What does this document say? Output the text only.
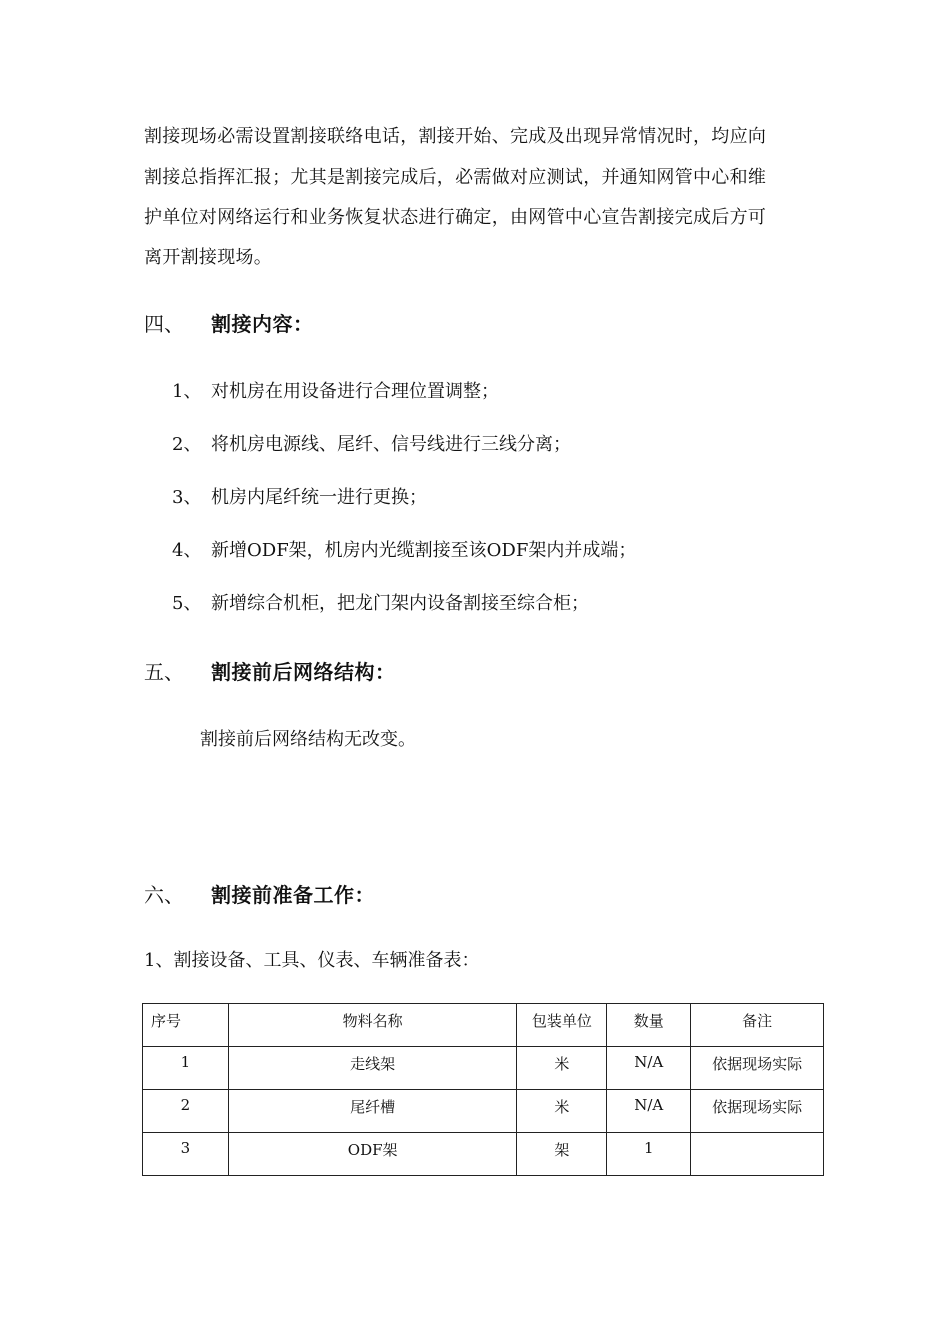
割接现场必需设置割接联络电话，割接开始、完成及出现异常情况时，均应向
割接总指挥汇报；尤其是割接完成后，必需做对应测试，并通知网管中心和维
护单位对网络运行和业务恢复状态进行确定，由网管中心宣告割接完成后方可
离开割接现场。
四、 割接内容：
1、 对机房在用设备进行合理位置调整；
2、 将机房电源线、尾纤、信号线进行三线分离；
3、 机房内尾纤统一进行更换；
4、 新增ODF架，机房内光缆割接至该ODF架内并成端；
5、 新增综合机柜，把龙门架内设备割接至综合柜；
五、 割接前后网络结构：
割接前后网络结构无改变。
六、 割接前准备工作：
1、割接设备、工具、仪表、车辆准备表：
序号	物料名称	包装单位	数量	备注
1	走线架	米	N/A	依据现场实际
2	尾纤槽	米	N/A	依据现场实际
3	ODF架	架	1	
